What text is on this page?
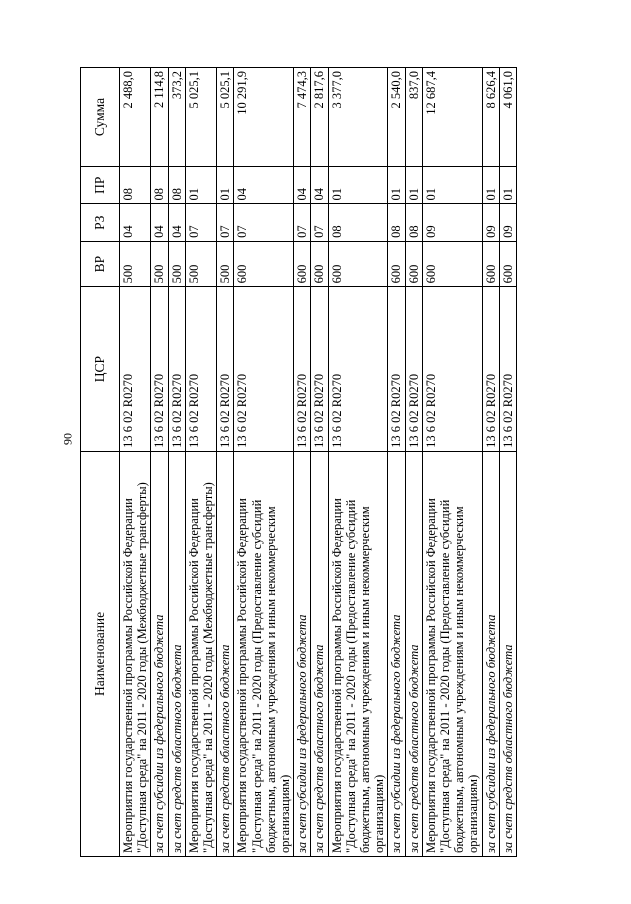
90
Наименование	ЦСР	ВР	РЗ	ПР	Сумма
Мероприятия государственной программы Российской Федерации "Доступная среда" на 2011 - 2020 годы (Межбюджетные трансферты)	13 6 02 R0270	500	04	08	2 488,0
за счет субсидии из федерального бюджета	13 6 02 R0270	500	04	08	2 114,8
за счет средств областного бюджета	13 6 02 R0270	500	04	08	373,2
Мероприятия государственной программы Российской Федерации "Доступная среда" на 2011 - 2020 годы (Межбюджетные трансферты)	13 6 02 R0270	500	07	01	5 025,1
за счет средств областного бюджета	13 6 02 R0270	500	07	01	5 025,1
Мероприятия государственной программы Российской Федерации "Доступная среда" на 2011 - 2020 годы (Предоставление субсидий бюджетным, автономным учреждениям и иным некоммерческим организациям)	13 6 02 R0270	600	07	04	10 291,9
за счет субсидии из федерального бюджета	13 6 02 R0270	600	07	04	7 474,3
за счет средств областного бюджета	13 6 02 R0270	600	07	04	2 817,6
Мероприятия государственной программы Российской Федерации "Доступная среда" на 2011 - 2020 годы (Предоставление субсидий бюджетным, автономным учреждениям и иным некоммерческим организациям)	13 6 02 R0270	600	08	01	3 377,0
за счет субсидии из федерального бюджета	13 6 02 R0270	600	08	01	2 540,0
за счет средств областного бюджета	13 6 02 R0270	600	08	01	837,0
Мероприятия государственной программы Российской Федерации "Доступная среда" на 2011 - 2020 годы (Предоставление субсидий бюджетным, автономным учреждениям и иным некоммерческим организациям)	13 6 02 R0270	600	09	01	12 687,4
за счет субсидии из федерального бюджета	13 6 02 R0270	600	09	01	8 626,4
за счет средств областного бюджета	13 6 02 R0270	600	09	01	4 061,0
